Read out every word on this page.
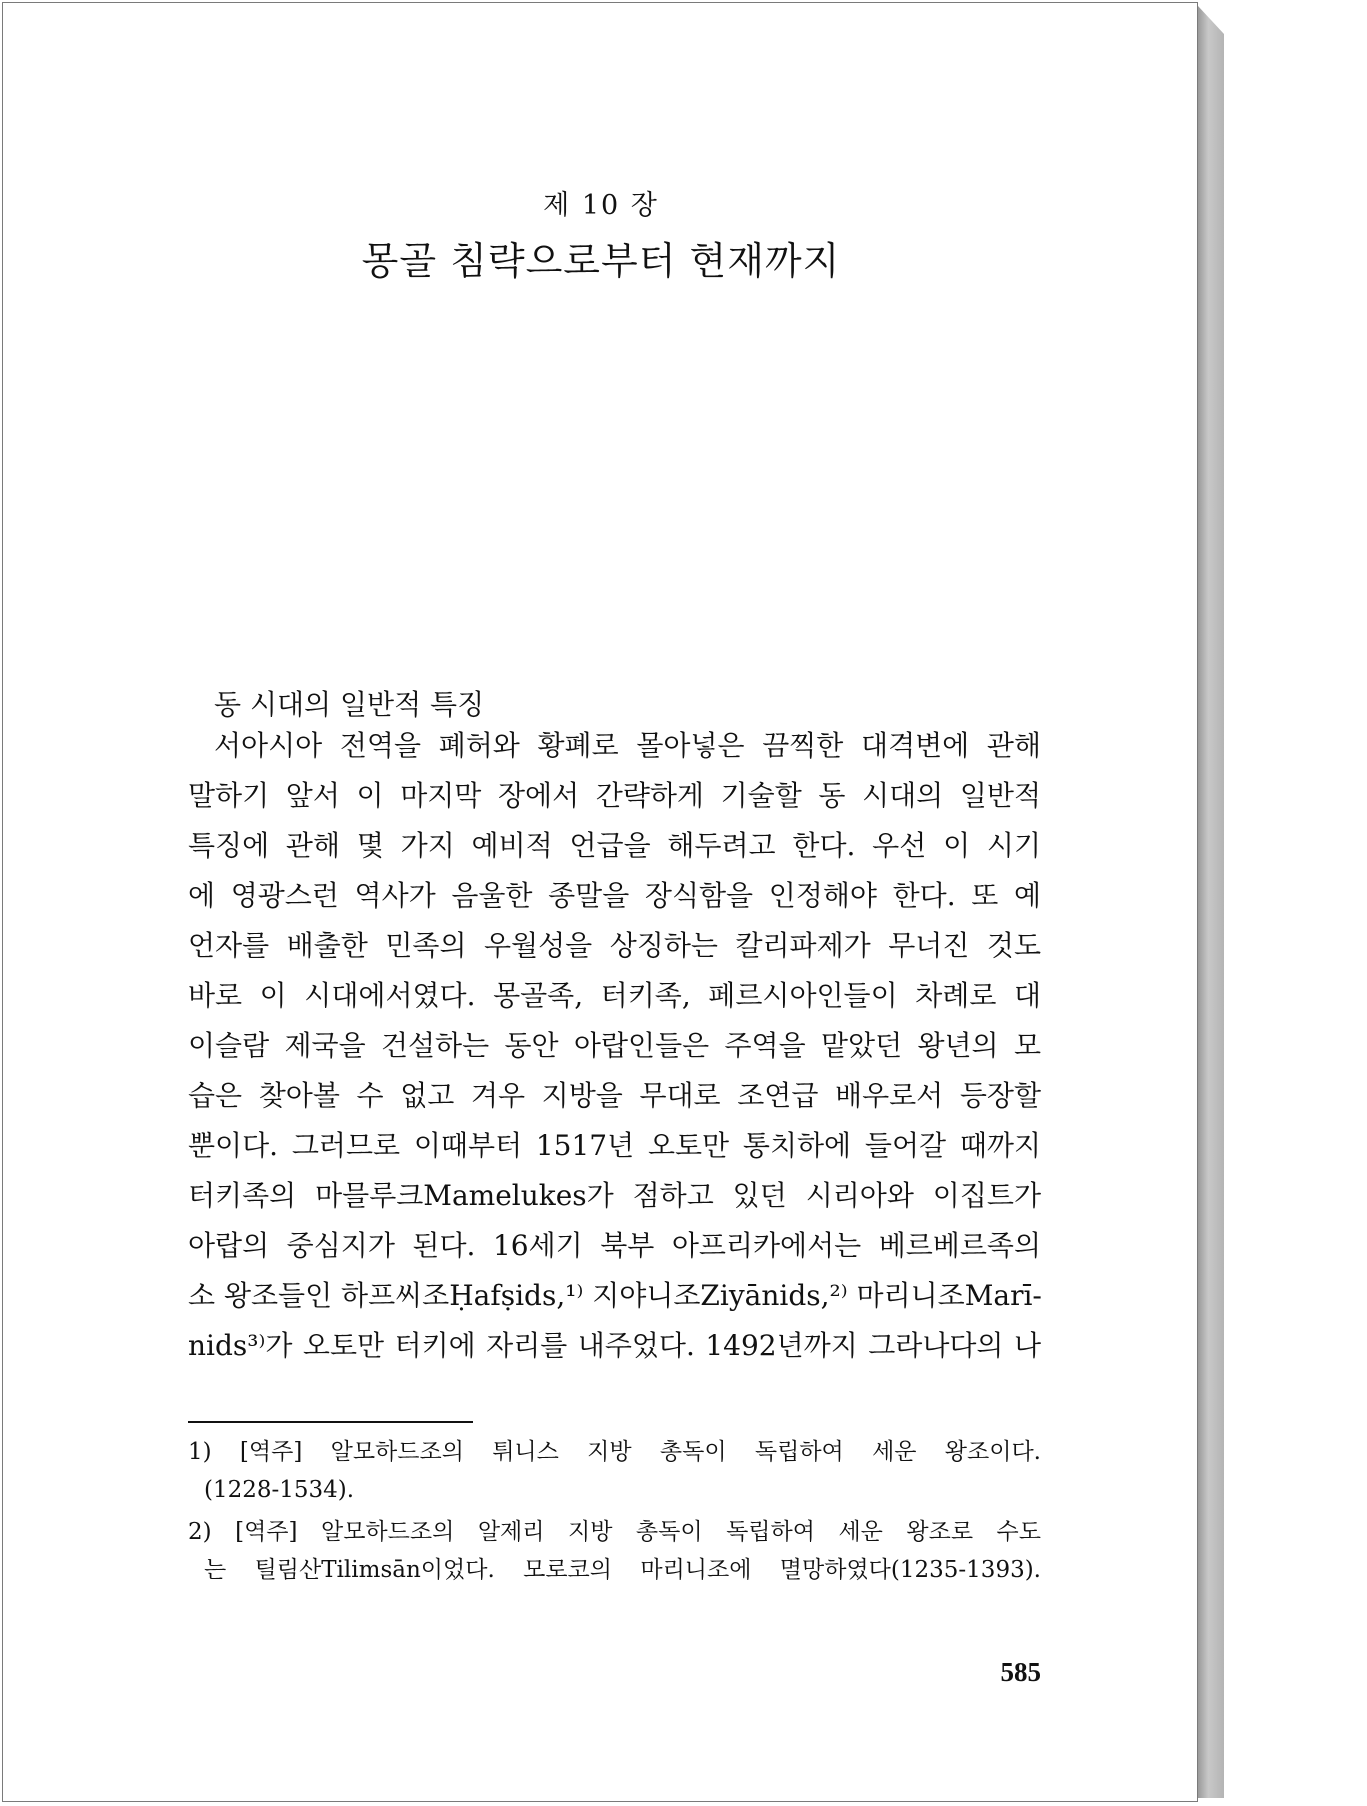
제 10 장
몽골 침략으로부터 현재까지
동 시대의 일반적 특징
서아시아 전역을 폐허와 황폐로 몰아넣은 끔찍한 대격변에 관해
말하기 앞서 이 마지막 장에서 간략하게 기술할 동 시대의 일반적
특징에 관해 몇 가지 예비적 언급을 해두려고 한다. 우선 이 시기
에 영광스런 역사가 음울한 종말을 장식함을 인정해야 한다. 또 예
언자를 배출한 민족의 우월성을 상징하는 칼리파제가 무너진 것도
바로 이 시대에서였다. 몽골족, 터키족, 페르시아인들이 차례로 대
이슬람 제국을 건설하는 동안 아랍인들은 주역을 맡았던 왕년의 모
습은 찾아볼 수 없고 겨우 지방을 무대로 조연급 배우로서 등장할
뿐이다. 그러므로 이때부터 1517년 오토만 통치하에 들어갈 때까지
터키족의 마믈루크Mamelukes가 점하고 있던 시리아와 이집트가
아랍의 중심지가 된다. 16세기 북부 아프리카에서는 베르베르족의
소 왕조들인 하프씨조Ḥafṣids,¹⁾ 지야니조Ziyānids,²⁾ 마리니조Marī-
nids³⁾가 오토만 터키에 자리를 내주었다. 1492년까지 그라나다의 나
1) [역주] 알모하드조의 튀니스 지방 총독이 독립하여 세운 왕조이다.
(1228-1534).
2) [역주] 알모하드조의 알제리 지방 총독이 독립하여 세운 왕조로 수도
는 틸림산Tilimsān이었다. 모로코의 마리니조에 멸망하였다(1235-1393).
585
